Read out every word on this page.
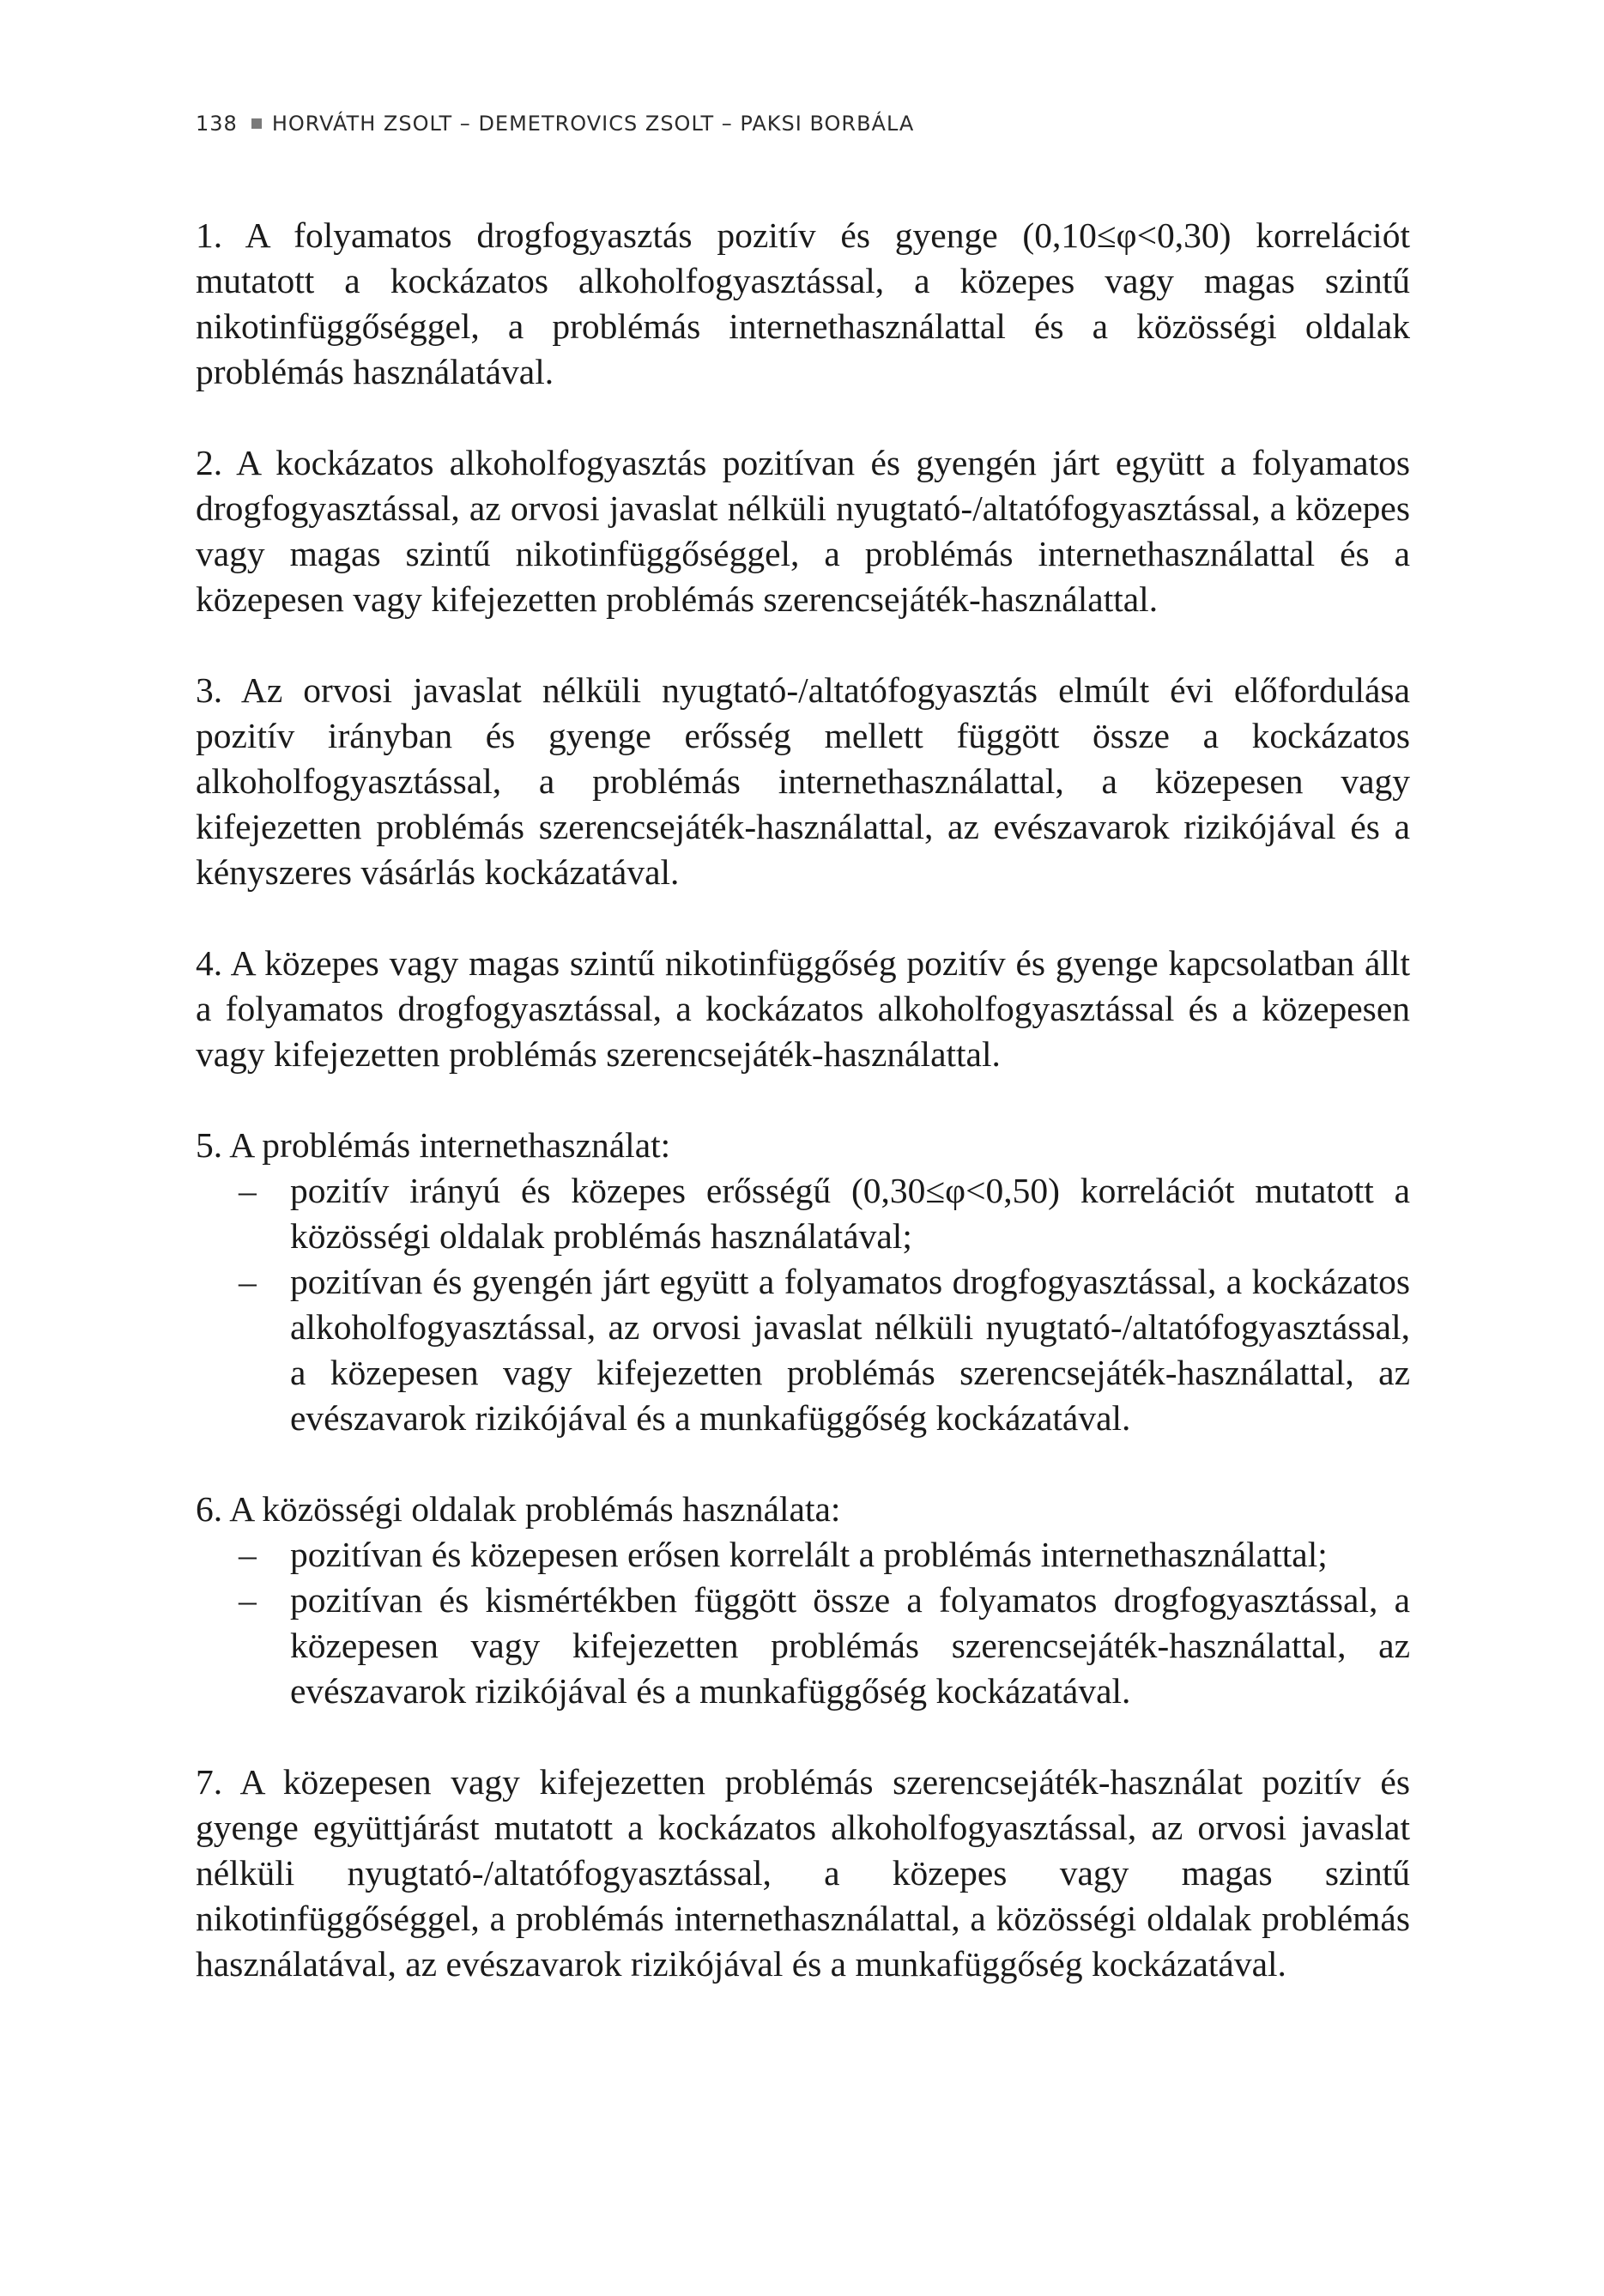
138 HORVÁTH ZSOLT – DEMETROVICS ZSOLT – PAKSI BORBÁLA

1. A folyamatos drogfogyasztás pozitív és gyenge (0,10≤φ<0,30) korrelációt mutatott a kockázatos alkoholfogyasztással, a közepes vagy magas szintű nikotinfüggőséggel, a problémás internethasználattal és a közösségi oldalak problémás használatával.

2. A kockázatos alkoholfogyasztás pozitívan és gyengén járt együtt a folyamatos drogfogyasztással, az orvosi javaslat nélküli nyugtató-/altatófogyasztással, a közepes vagy magas szintű nikotinfüggőséggel, a problémás internethasználattal és a közepesen vagy kifejezetten problémás szerencsejáték-használattal.

3. Az orvosi javaslat nélküli nyugtató-/altatófogyasztás elmúlt évi előfordulása pozitív irányban és gyenge erősség mellett függött össze a kockázatos alkoholfogyasztással, a problémás internethasználattal, a közepesen vagy kifejezetten problémás szerencsejáték-használattal, az evészavarok rizikójával és a kényszeres vásárlás kockázatával.

4. A közepes vagy magas szintű nikotinfüggőség pozitív és gyenge kapcsolatban állt a folyamatos drogfogyasztással, a kockázatos alkoholfogyasztással és a közepesen vagy kifejezetten problémás szerencsejáték-használattal.

5. A problémás internethasználat:

– pozitív irányú és közepes erősségű (0,30≤φ<0,50) korrelációt mutatott a közösségi oldalak problémás használatával;
– pozitívan és gyengén járt együtt a folyamatos drogfogyasztással, a kockázatos alkoholfogyasztással, az orvosi javaslat nélküli nyugtató-/altatófogyasztással, a közepesen vagy kifejezetten problémás szerencsejáték-használattal, az evészavarok rizikójával és a munkafüggőség kockázatával.

6. A közösségi oldalak problémás használata:

– pozitívan és közepesen erősen korrelált a problémás internethasználattal;
– pozitívan és kismértékben függött össze a folyamatos drogfogyasztással, a közepesen vagy kifejezetten problémás szerencsejáték-használattal, az evészavarok rizikójával és a munkafüggőség kockázatával.

7. A közepesen vagy kifejezetten problémás szerencsejáték-használat pozitív és gyenge együttjárást mutatott a kockázatos alkoholfogyasztással, az orvosi javaslat nélküli nyugtató-/altatófogyasztással, a közepes vagy magas szintű nikotinfüggőséggel, a problémás internethasználattal, a közösségi oldalak problémás használatával, az evészavarok rizikójával és a munkafüggőség kockázatával.
